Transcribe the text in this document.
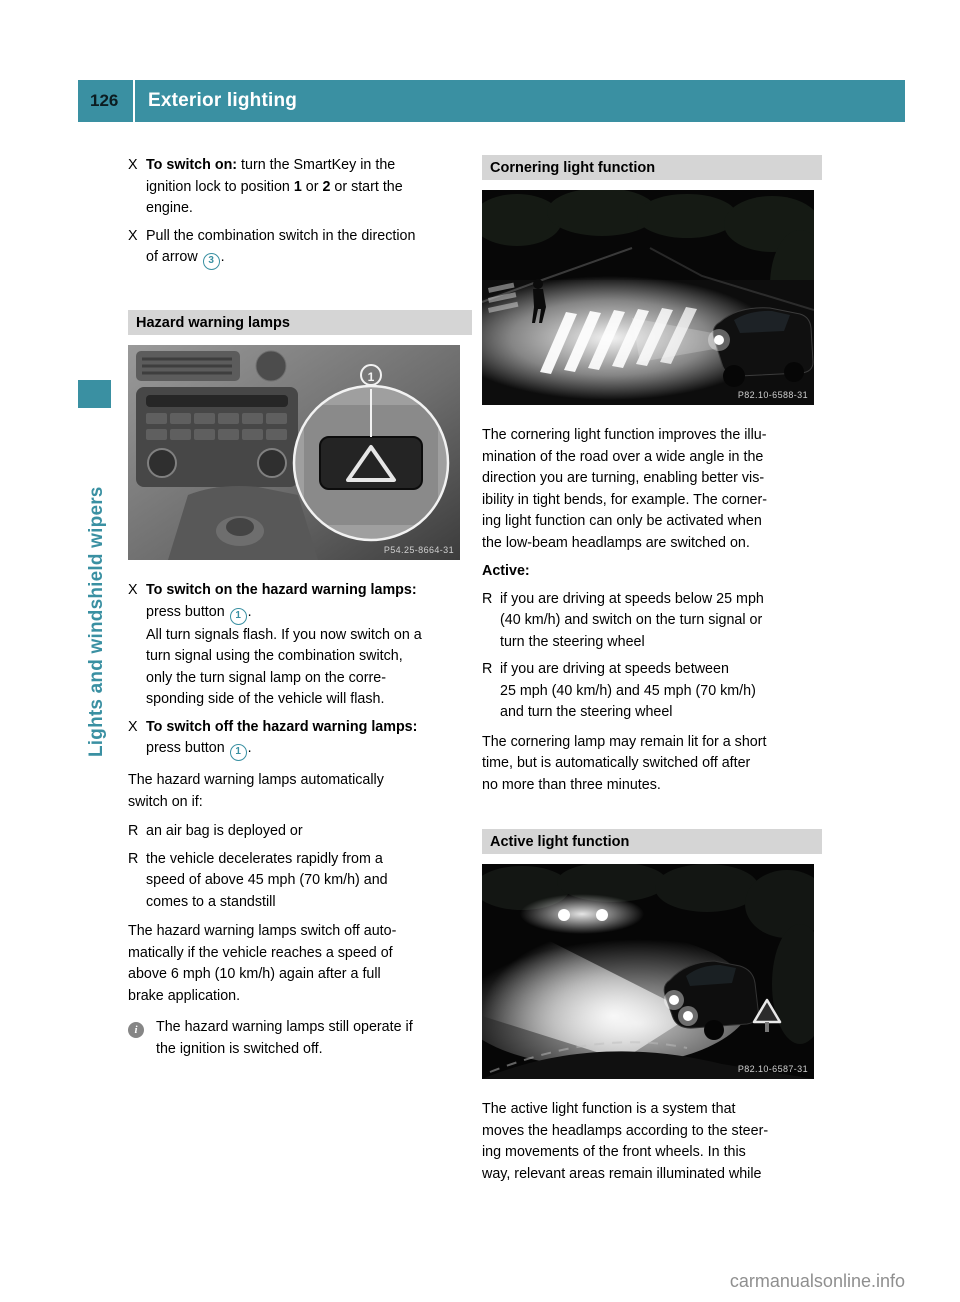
126	Exterior lighting
Lights and windshield wipers
X To switch on: turn the SmartKey in the
ignition lock to position 1 or 2 or start the
engine.
X Pull the combination switch in the direction
of arrow 3 .
Hazard warning lamps
1
P54.25-8664-31
X To switch on the hazard warning lamps:
press button 1 .
All turn signals flash. If you now switch on a
turn signal using the combination switch,
only the turn signal lamp on the corre-
sponding side of the vehicle will flash.
X To switch off the hazard warning lamps:
press button 1 .
The hazard warning lamps automatically
switch on if:
R an air bag is deployed or
R the vehicle decelerates rapidly from a
speed of above 45 mph (70 km/h) and
comes to a standstill
The hazard warning lamps switch off auto-
matically if the vehicle reaches a speed of
above 6 mph (10 km/h) again after a full
brake application.
i	The hazard warning lamps still operate if
the ignition is switched off.
Cornering light function
P82.10-6588-31
The cornering light function improves the illu-
mination of the road over a wide angle in the
direction you are turning, enabling better vis-
ibility in tight bends, for example. The corner-
ing light function can only be activated when
the low-beam headlamps are switched on.
Active:
R if you are driving at speeds below 25 mph
(40 km/h) and switch on the turn signal or
turn the steering wheel
R if you are driving at speeds between
25 mph (40 km/h) and 45 mph (70 km/h)
and turn the steering wheel
The cornering lamp may remain lit for a short
time, but is automatically switched off after
no more than three minutes.
Active light function
P82.10-6587-31
The active light function is a system that
moves the headlamps according to the steer-
ing movements of the front wheels. In this
way, relevant areas remain illuminated while
carmanualsonline.info
